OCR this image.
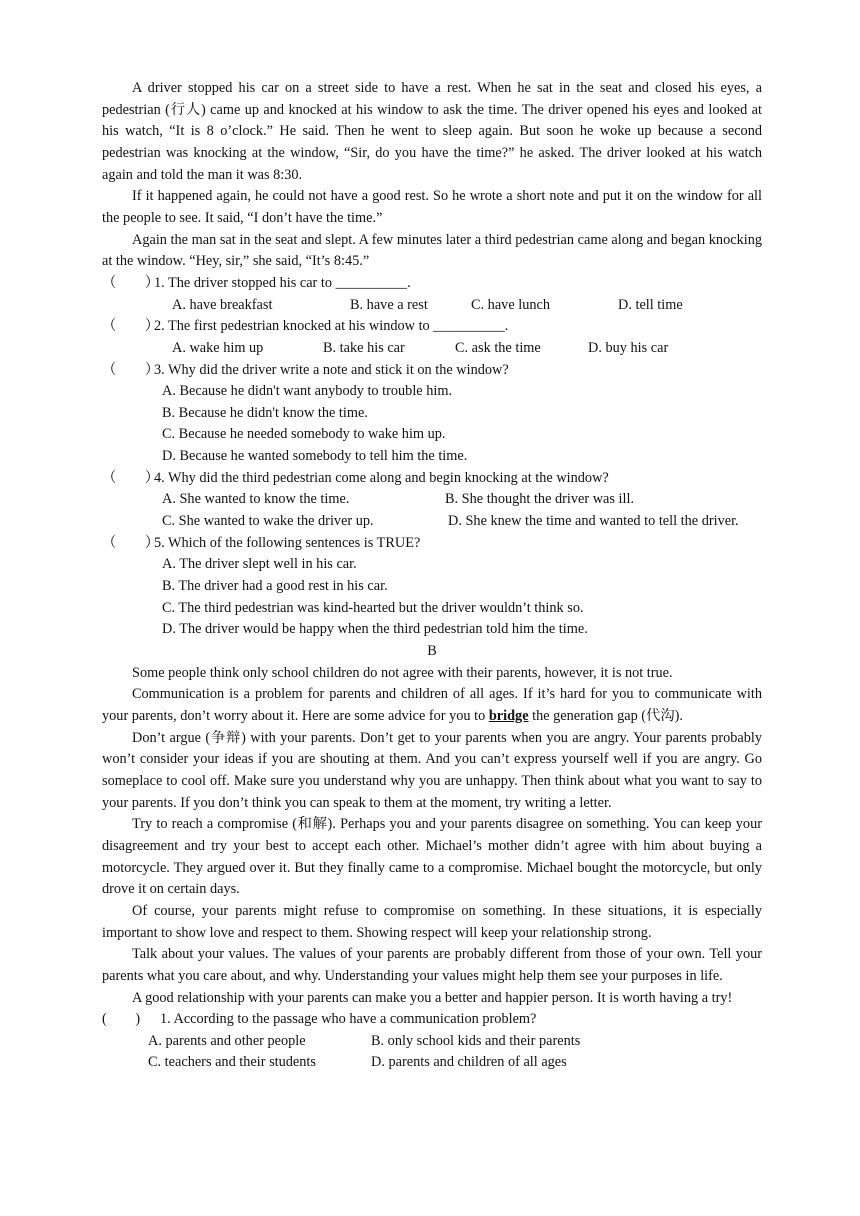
A driver stopped his car on a street side to have a rest. When he sat in the seat and closed his eyes, a pedestrian (行人) came up and knocked at his window to ask the time. The driver opened his eyes and looked at his watch, “It is 8 o’clock.” He said. Then he went to sleep again. But soon he woke up because a second pedestrian was knocking at the window, “Sir, do you have the time?” he asked. The driver looked at his watch again and told the man it was 8:30.

If it happened again, he could not have a good rest. So he wrote a short note and put it on the window for all the people to see. It said, “I don’t have the time.”

Again the man sat in the seat and slept. A few minutes later a third pedestrian came along and began knocking at the window. “Hey, sir,” she said, “It’s 8:45.”

（　　）
1. The driver stopped his car to __________.
A. have breakfast	B. have a rest	C. have lunch	D. tell time
（　　）
2. The first pedestrian knocked at his window to __________.
A. wake him up	B. take his car	C. ask the time	D. buy his car
（　　）
3. Why did the driver write a note and stick it on the window?
A. Because he didn't want anybody to trouble him.
B. Because he didn't know the time.
C. Because he needed somebody to wake him up.
D. Because he wanted somebody to tell him the time.
（　　）
4. Why did the third pedestrian come along and begin knocking at the window?
A. She wanted to know the time.	B. She thought the driver was ill.
C. She wanted to wake the driver up.	D. She knew the time and wanted to tell the driver.
（　　）
5. Which of the following sentences is TRUE?
A. The driver slept well in his car.
B. The driver had a good rest in his car.
C. The third pedestrian was kind-hearted but the driver wouldn’t think so.
D. The driver would be happy when the third pedestrian told him the time.

B

Some people think only school children do not agree with their parents, however, it is not true.

Communication is a problem for parents and children of all ages. If it’s hard for you to communicate with your parents, don’t worry about it. Here are some advice for you to bridge the generation gap (代沟).

Don’t argue (争辩) with your parents. Don’t get to your parents when you are angry. Your parents probably won’t consider your ideas if you are shouting at them. And you can’t express yourself well if you are angry. Go someplace to cool off. Make sure you understand why you are unhappy. Then think about what you want to say to your parents. If you don’t think you can speak to them at the moment, try writing a letter.

Try to reach a compromise (和解). Perhaps you and your parents disagree on something. You can keep your disagreement and try your best to accept each other. Michael’s mother didn’t agree with him about buying a motorcycle. They argued over it. But they finally came to a compromise. Michael bought the motorcycle, but only drove it on certain days.

Of course, your parents might refuse to compromise on something. In these situations, it is especially important to show love and respect to them. Showing respect will keep your relationship strong.

Talk about your values. The values of your parents are probably different from those of your own. Tell your parents what you care about, and why. Understanding your values might help them see your purposes in life.

A good relationship with your parents can make you a better and happier person. It is worth having a try!

(　　)	1. According to the passage who have a communication problem?
A. parents and other people	B. only school kids and their parents
C. teachers and their students	D. parents and children of all ages
